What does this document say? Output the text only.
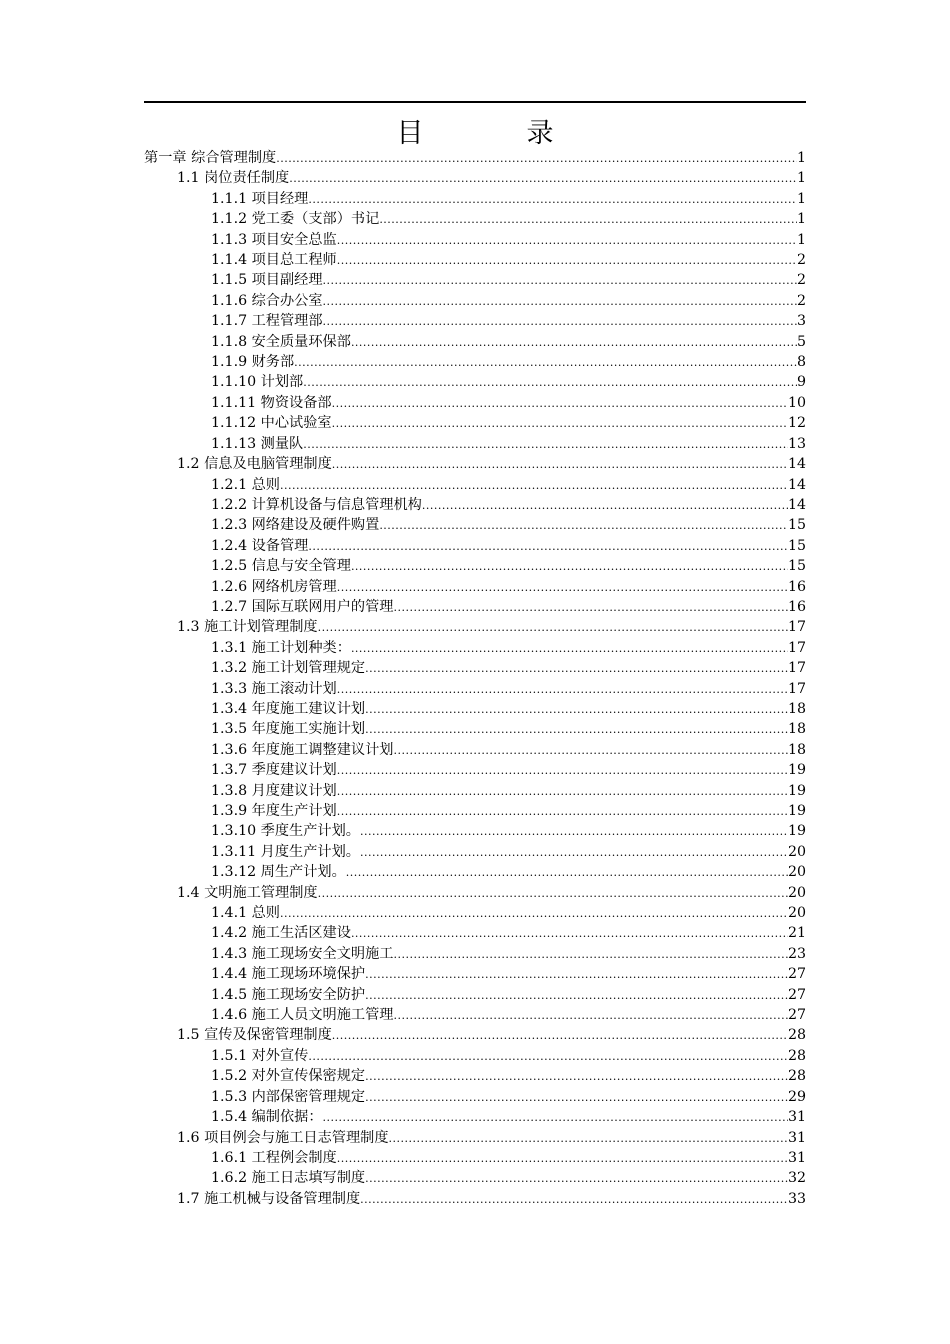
目　录
第一章 综合管理制度 .....	1
1.1 岗位责任制度 .....	1
1.1.1 项目经理 .....	1
1.1.2 党工委（支部）书记 .....	1
1.1.3 项目安全总监 .....	1
1.1.4 项目总工程师 .....	2
1.1.5 项目副经理 .....	2
1.1.6 综合办公室 .....	2
1.1.7 工程管理部 .....	3
1.1.8 安全质量环保部 .....	5
1.1.9 财务部 .....	8
1.1.10 计划部 .....	9
1.1.11 物资设备部 .....	10
1.1.12 中心试验室 .....	12
1.1.13 测量队 .....	13
1.2 信息及电脑管理制度 .....	14
1.2.1 总则 .....	14
1.2.2 计算机设备与信息管理机构 .....	14
1.2.3 网络建设及硬件购置 .....	15
1.2.4 设备管理 .....	15
1.2.5 信息与安全管理 .....	15
1.2.6 网络机房管理 .....	16
1.2.7 国际互联网用户的管理 .....	16
1.3 施工计划管理制度 .....	17
1.3.1 施工计划种类： .....	17
1.3.2 施工计划管理规定 .....	17
1.3.3 施工滚动计划 .....	17
1.3.4 年度施工建议计划 .....	18
1.3.5 年度施工实施计划 .....	18
1.3.6 年度施工调整建议计划 .....	18
1.3.7 季度建议计划 .....	19
1.3.8 月度建议计划 .....	19
1.3.9 年度生产计划 .....	19
1.3.10 季度生产计划。 .....	19
1.3.11 月度生产计划。 .....	20
1.3.12 周生产计划。 .....	20
1.4 文明施工管理制度 .....	20
1.4.1 总则 .....	20
1.4.2 施工生活区建设 .....	21
1.4.3 施工现场安全文明施工 .....	23
1.4.4 施工现场环境保护 .....	27
1.4.5 施工现场安全防护 .....	27
1.4.6 施工人员文明施工管理 .....	27
1.5 宣传及保密管理制度 .....	28
1.5.1 对外宣传 .....	28
1.5.2 对外宣传保密规定 .....	28
1.5.3 内部保密管理规定 .....	29
1.5.4 编制依据： .....	31
1.6 项目例会与施工日志管理制度 .....	31
1.6.1 工程例会制度 .....	31
1.6.2 施工日志填写制度 .....	32
1.7 施工机械与设备管理制度 .....	33
